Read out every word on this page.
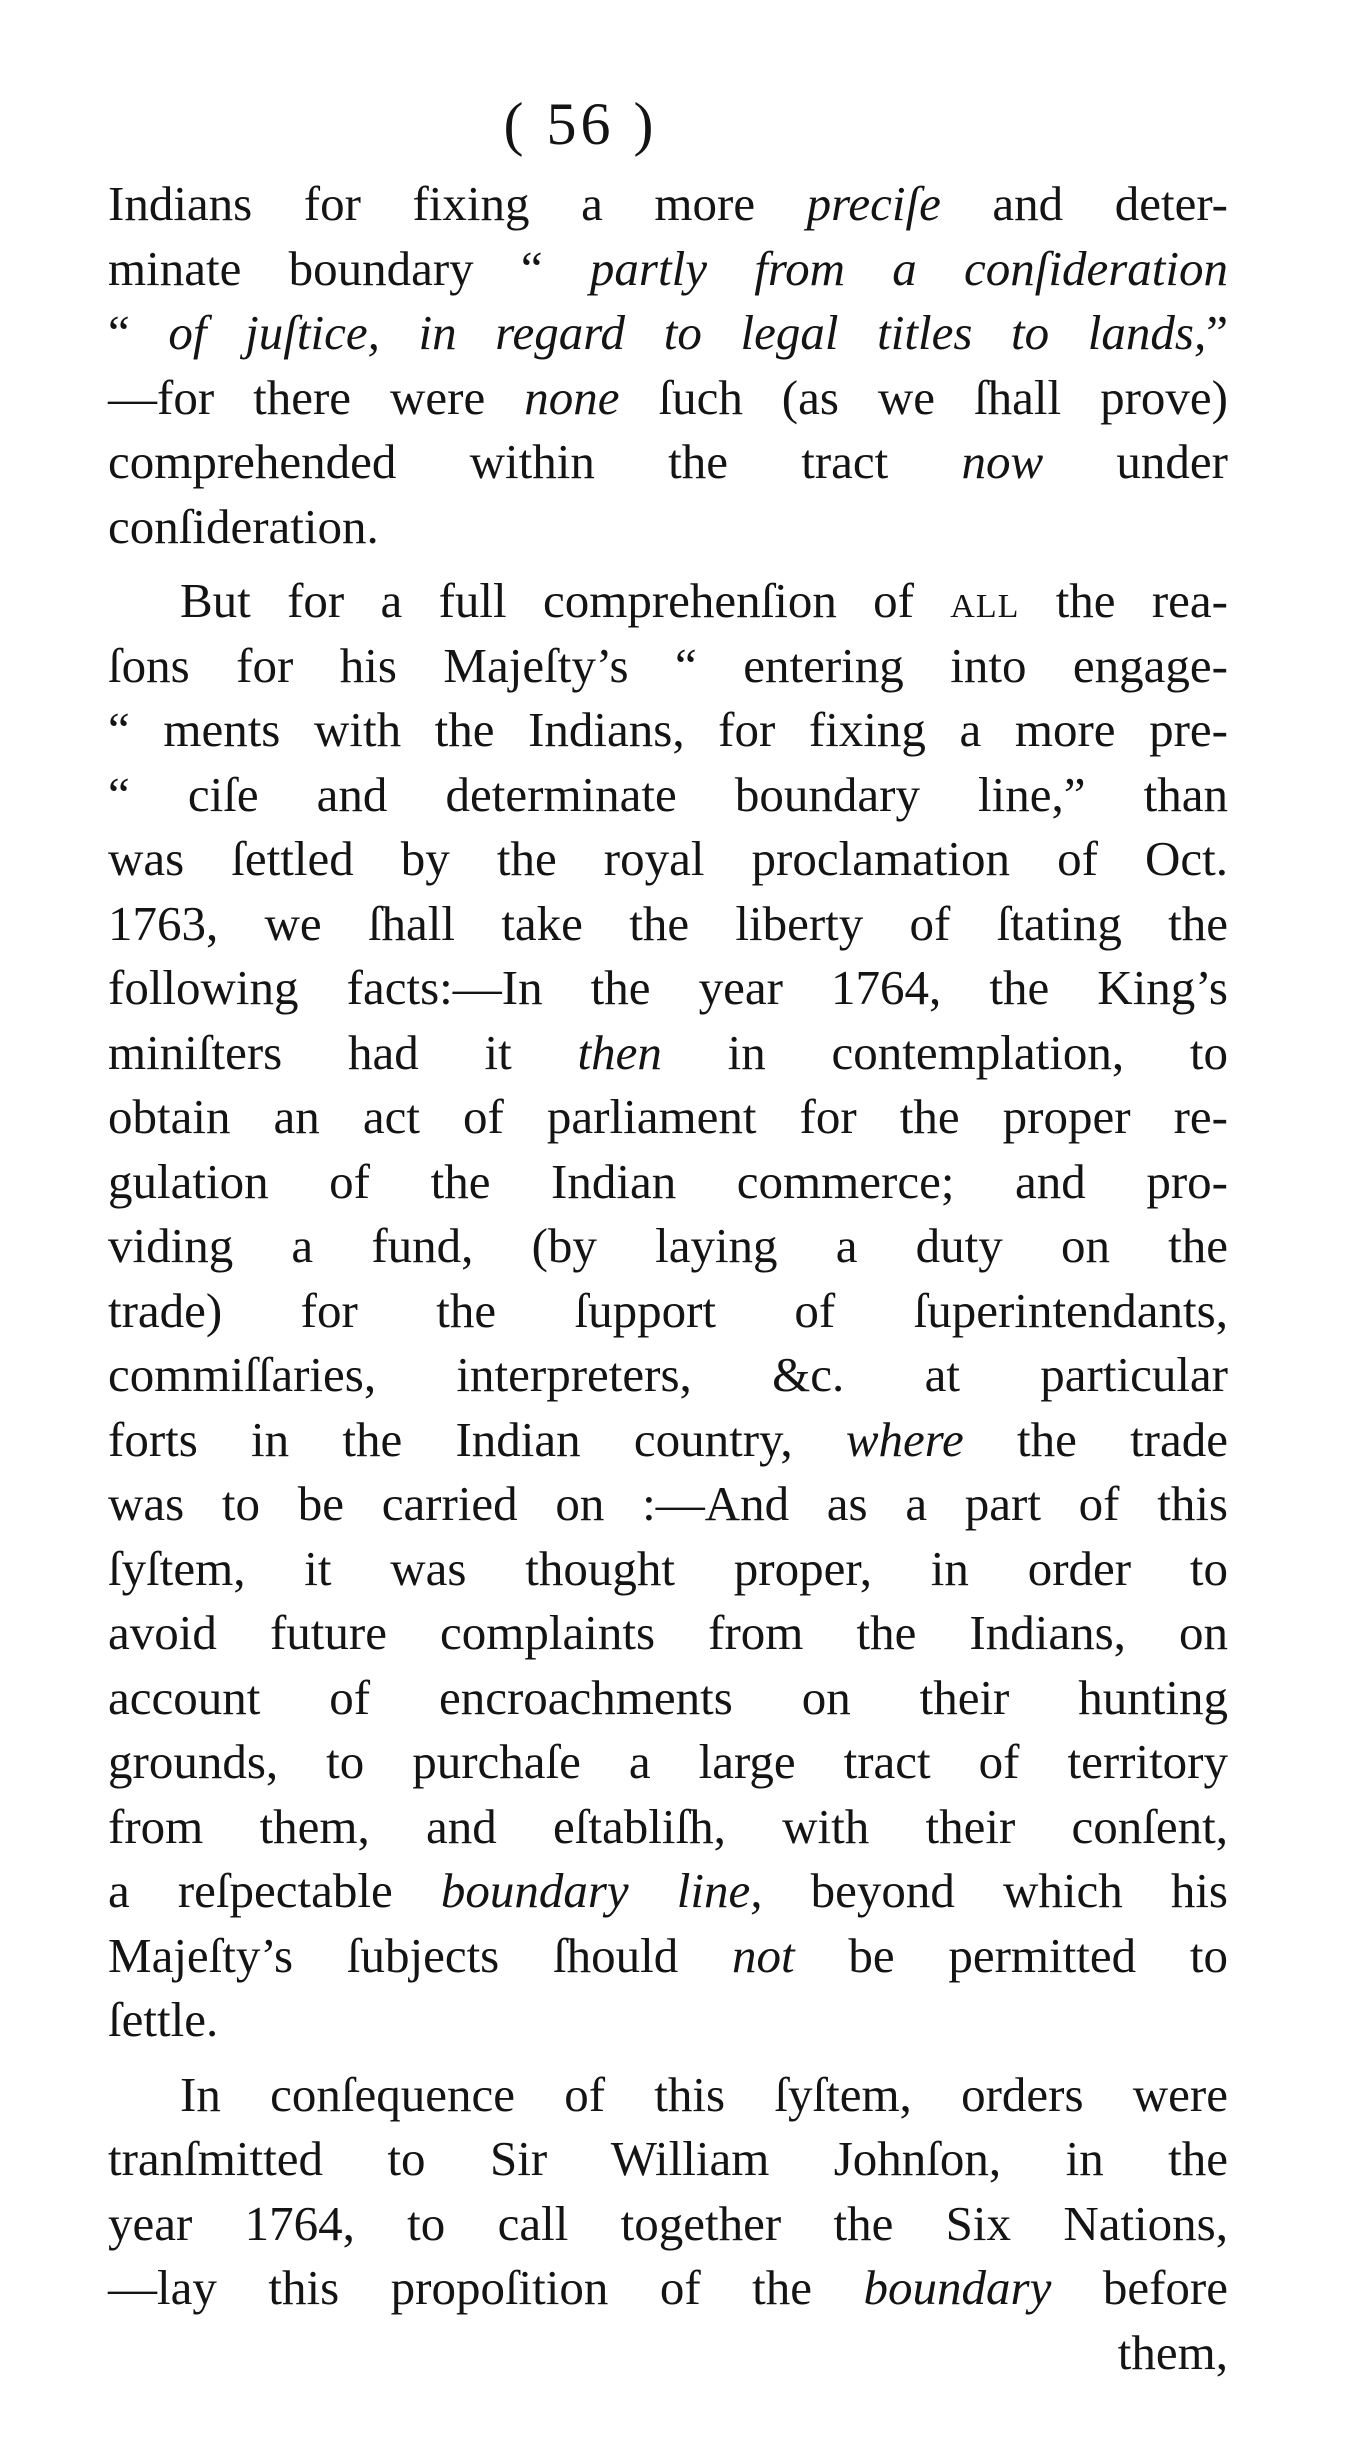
( 56 )
Indians for fixing a more preciſe and deter-
minate boundary “ partly from a conſideration
“ of juſtice, in regard to legal titles to lands,”
—for there were none ſuch (as we ſhall prove)
comprehended within the tract now under
conſideration.
But for a full comprehenſion of all the rea-
ſons for his Majeſty’s “ entering into engage-
“ ments with the Indians, for fixing a more pre-
“ ciſe and determinate boundary line,” than
was ſettled by the royal proclamation of Oct.
1763, we ſhall take the liberty of ſtating the
following facts:—In the year 1764, the King’s
miniſters had it then in contemplation, to
obtain an act of parliament for the proper re-
gulation of the Indian commerce; and pro-
viding a fund, (by laying a duty on the
trade) for the ſupport of ſuperintendants,
commiſſaries, interpreters, &c. at particular
forts in the Indian country, where the trade
was to be carried on :—And as a part of this
ſyſtem, it was thought proper, in order to
avoid future complaints from the Indians, on
account of encroachments on their hunting
grounds, to purchaſe a large tract of territory
from them, and eſtabliſh, with their conſent,
a reſpectable boundary line, beyond which his
Majeſty’s ſubjects ſhould not be permitted to
ſettle.
In conſequence of this ſyſtem, orders were
tranſmitted to Sir William Johnſon, in the
year 1764, to call together the Six Nations,
—lay this propoſition of the boundary before
them,
